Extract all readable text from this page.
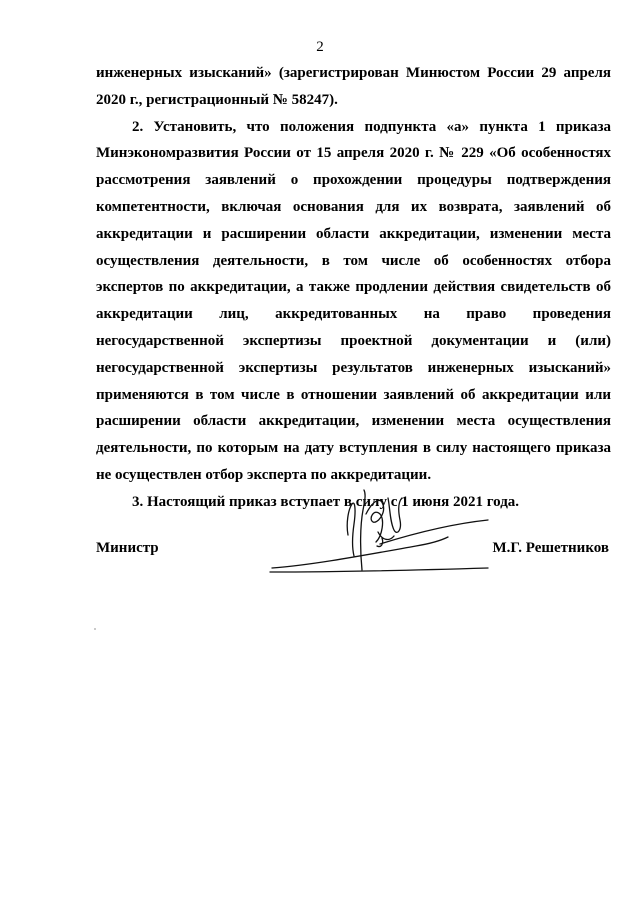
2

инженерных изысканий» (зарегистрирован Минюстом России 29 апреля 2020 г., регистрационный № 58247).

2. Установить, что положения подпункта «а» пункта 1 приказа Минэкономразвития России от 15 апреля 2020 г. № 229 «Об особенностях рассмотрения заявлений о прохождении процедуры подтверждения компетентности, включая основания для их возврата, заявлений об аккредитации и расширении области аккредитации, изменении места осуществления деятельности, в том числе об особенностях отбора экспертов по аккредитации, а также продлении действия свидетельств об аккредитации лиц, аккредитованных на право проведения негосударственной экспертизы проектной документации и (или) негосударственной экспертизы результатов инженерных изысканий» применяются в том числе в отношении заявлений об аккредитации или расширении области аккредитации, изменении места осуществления деятельности, по которым на дату вступления в силу настоящего приказа не осуществлен отбор эксперта по аккредитации.

3. Настоящий приказ вступает в силу с 1 июня 2021 года.

Министр	М.Г. Решетников
